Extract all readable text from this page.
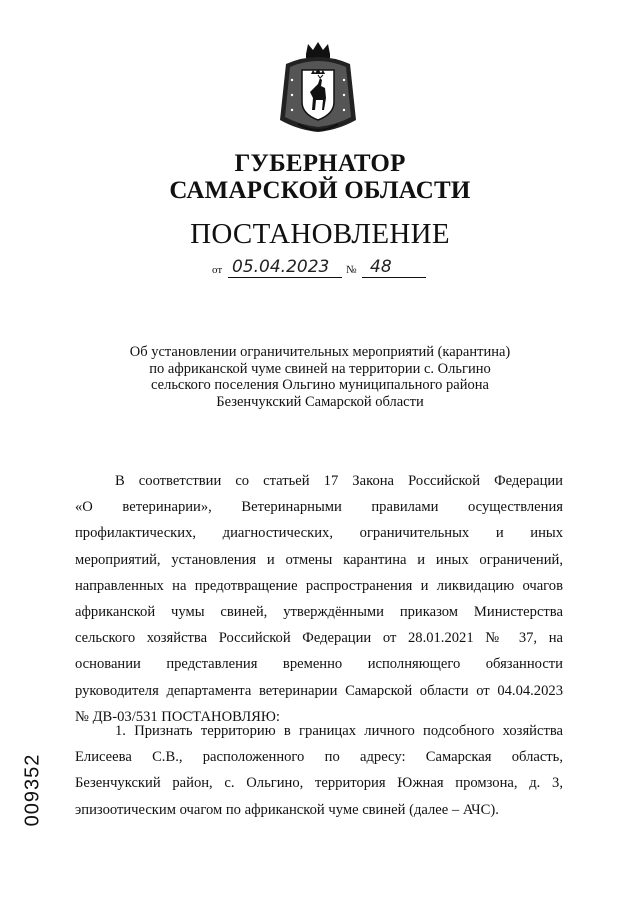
ГУБЕРНАТОР
САМАРСКОЙ ОБЛАСТИ
ПОСТАНОВЛЕНИЕ
от 05.04.2023 № 48
Об установлении ограничительных мероприятий (карантина)
по африканской чуме свиней на территории с. Ольгино
сельского поселения Ольгино муниципального района
Безенчукский Самарской области
В соответствии со статьей 17 Закона Российской Федерации
«О ветеринарии», Ветеринарными правилами осуществления
профилактических, диагностических, ограничительных и иных
мероприятий, установления и отмены карантина и иных ограничений,
направленных на предотвращение распространения и ликвидацию очагов
африканской чумы свиней, утверждёнными приказом Министерства
сельского хозяйства Российской Федерации от 28.01.2021 № 37, на
основании представления временно исполняющего обязанности
руководителя департамента ветеринарии Самарской области от 04.04.2023
№ ДВ-03/531 ПОСТАНОВЛЯЮ:
1. Признать территорию в границах личного подсобного хозяйства
Елисеева С.В., расположенного по адресу: Самарская область,
Безенчукский район, с. Ольгино, территория Южная промзона, д. 3,
эпизоотическим очагом по африканской чуме свиней (далее – АЧС).
009352
